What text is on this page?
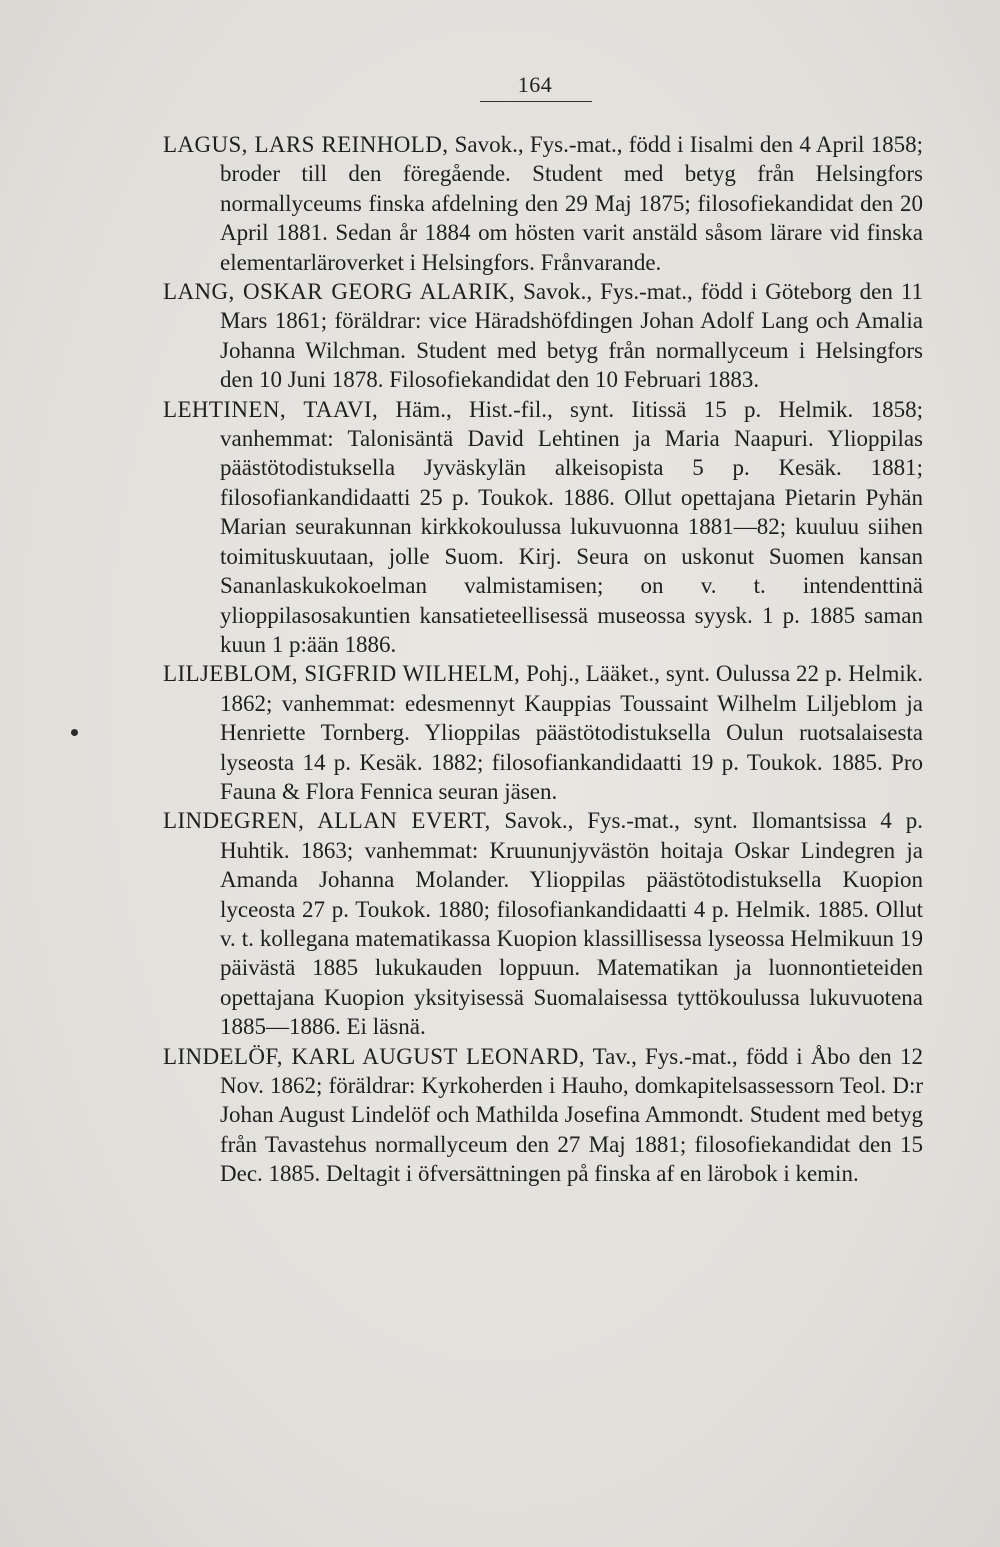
164

LAGUS, LARS REINHOLD, Savok., Fys.-mat., född i Iisalmi den 4 April 1858; broder till den föregående. Student med betyg från Helsingfors normallyceums finska afdelning den 29 Maj 1875; filosofiekandidat den 20 April 1881. Sedan år 1884 om hösten varit anstäld såsom lärare vid finska elementarläroverket i Helsingfors. Frånvarande.

LANG, OSKAR GEORG ALARIK, Savok., Fys.-mat., född i Göteborg den 11 Mars 1861; föräldrar: vice Häradshöfdingen Johan Adolf Lang och Amalia Johanna Wilchman. Student med betyg från normallyceum i Helsingfors den 10 Juni 1878. Filosofiekandidat den 10 Februari 1883.

LEHTINEN, TAAVI, Häm., Hist.-fil., synt. Iitissä 15 p. Helmik. 1858; vanhemmat: Talonisäntä David Lehtinen ja Maria Naapuri. Ylioppilas päästötodistuksella Jyväskylän alkeisopista 5 p. Kesäk. 1881; filosofiankandidaatti 25 p. Toukok. 1886. Ollut opettajana Pietarin Pyhän Marian seurakunnan kirkkokoulussa lukuvuonna 1881—82; kuuluu siihen toimituskuutaan, jolle Suom. Kirj. Seura on uskonut Suomen kansan Sananlaskukokoelman valmistamisen; on v. t. intendenttinä ylioppilasosakuntien kansatieteellisessä museossa syysk. 1 p. 1885 saman kuun 1 p:ään 1886.

LILJEBLOM, SIGFRID WILHELM, Pohj., Lääket., synt. Oulussa 22 p. Helmik. 1862; vanhemmat: edesmennyt Kauppias Toussaint Wilhelm Liljeblom ja Henriette Tornberg. Ylioppilas päästötodistuksella Oulun ruotsalaisesta lyseosta 14 p. Kesäk. 1882; filosofiankandidaatti 19 p. Toukok. 1885. Pro Fauna & Flora Fennica seuran jäsen.

LINDEGREN, ALLAN EVERT, Savok., Fys.-mat., synt. Ilomantsissa 4 p. Huhtik. 1863; vanhemmat: Kruununjyvästön hoitaja Oskar Lindegren ja Amanda Johanna Molander. Ylioppilas päästötodistuksella Kuopion lyceosta 27 p. Toukok. 1880; filosofiankandidaatti 4 p. Helmik. 1885. Ollut v. t. kollegana matematikassa Kuopion klassillisessa lyseossa Helmikuun 19 päivästä 1885 lukukauden loppuun. Matematikan ja luonnontieteiden opettajana Kuopion yksityisessä Suomalaisessa tyttökoulussa lukuvuotena 1885—1886. Ei läsnä.

LINDELÖF, KARL AUGUST LEONARD, Tav., Fys.-mat., född i Åbo den 12 Nov. 1862; föräldrar: Kyrkoherden i Hauho, domkapitelsassessorn Teol. D:r Johan August Lindelöf och Mathilda Josefina Ammondt. Student med betyg från Tavastehus normallyceum den 27 Maj 1881; filosofiekandidat den 15 Dec. 1885. Deltagit i öfversättningen på finska af en lärobok i kemin.
